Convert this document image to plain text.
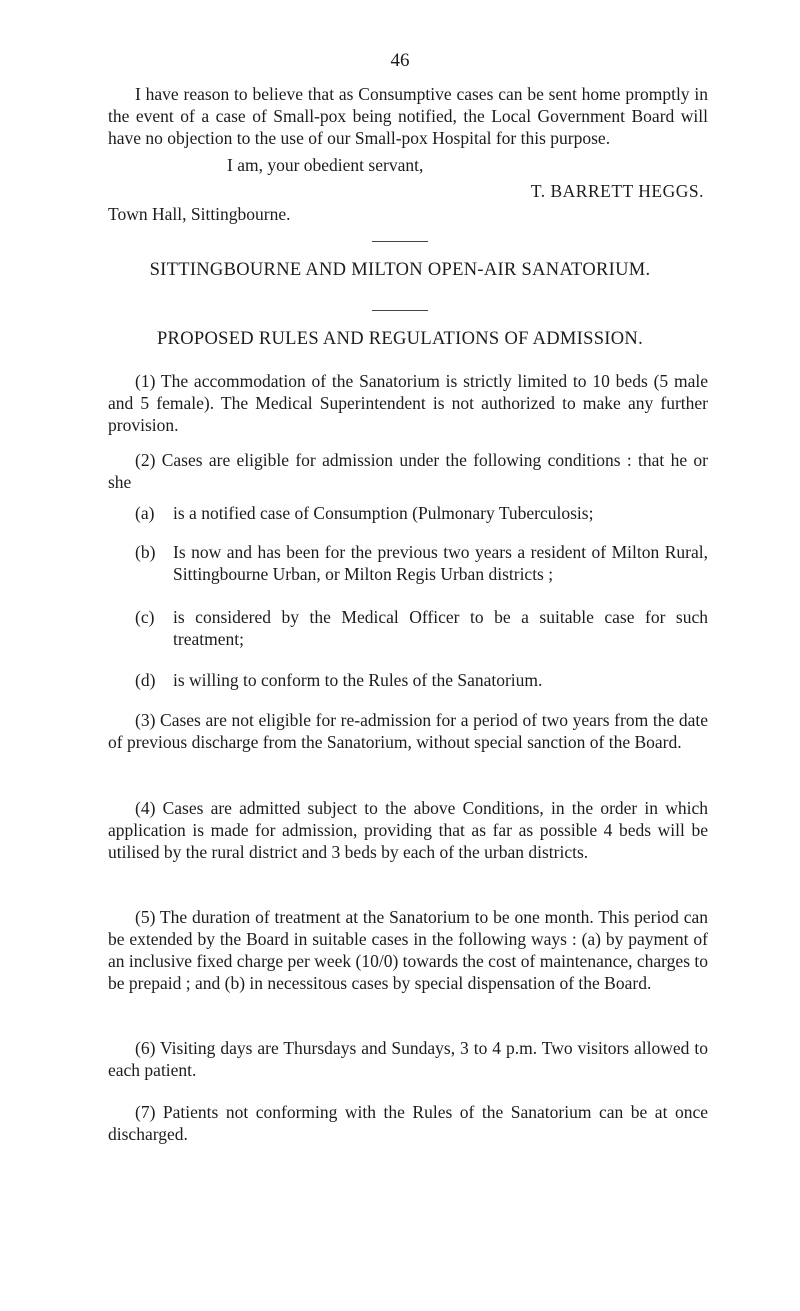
46
I have reason to believe that as Consumptive cases can be sent home promptly in the event of a case of Small-pox being notified, the Local Government Board will have no objection to the use of our Small-pox Hospital for this purpose.
I am, your obedient servant,
T. BARRETT HEGGS.
Town Hall, Sittingbourne.
SITTINGBOURNE AND MILTON OPEN-AIR SANATORIUM.
PROPOSED RULES AND REGULATIONS OF ADMISSION.
(1) The accommodation of the Sanatorium is strictly limited to 10 beds (5 male and 5 female). The Medical Superintendent is not authorized to make any further provision.
(2) Cases are eligible for admission under the following conditions : that he or she
(a) is a notified case of Consumption (Pulmonary Tuberculosis;
(b) Is now and has been for the previous two years a resident of Milton Rural, Sittingbourne Urban, or Milton Regis Urban districts ;
(c) is considered by the Medical Officer to be a suitable case for such treatment;
(d) is willing to conform to the Rules of the Sanatorium.
(3) Cases are not eligible for re-admission for a period of two years from the date of previous discharge from the Sanatorium, without special sanction of the Board.
(4) Cases are admitted subject to the above Conditions, in the order in which application is made for admission, providing that as far as possible 4 beds will be utilised by the rural district and 3 beds by each of the urban districts.
(5) The duration of treatment at the Sanatorium to be one month. This period can be extended by the Board in suitable cases in the following ways : (a) by payment of an inclusive fixed charge per week (10/0) towards the cost of maintenance, charges to be prepaid ; and (b) in necessitous cases by special dispensation of the Board.
(6) Visiting days are Thursdays and Sundays, 3 to 4 p.m. Two visitors allowed to each patient.
(7) Patients not conforming with the Rules of the Sanatorium can be at once discharged.
